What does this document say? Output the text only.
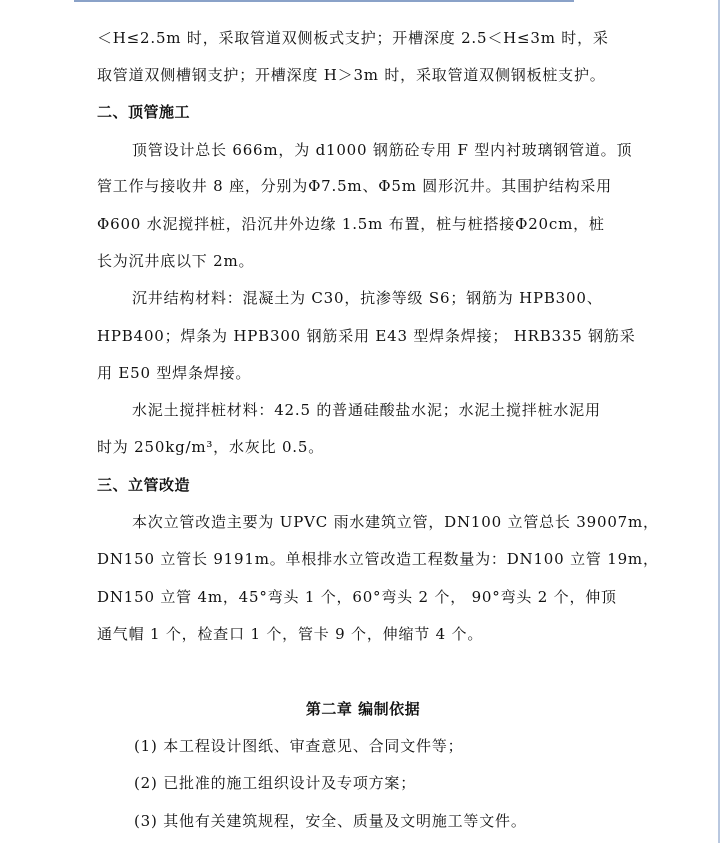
＜H≤2.5m 时，采取管道双侧板式支护；开槽深度 2.5＜H≤3m 时，采
取管道双侧槽钢支护；开槽深度 H＞3m 时，采取管道双侧钢板桩支护。
二、顶管施工
顶管设计总长 666m，为 d1000 钢筋砼专用 F 型内衬玻璃钢管道。顶
管工作与接收井 8 座，分别为Φ7.5m、Φ5m 圆形沉井。其围护结构采用
Φ600 水泥搅拌桩，沿沉井外边缘 1.5m 布置，桩与桩搭接Φ20cm，桩
长为沉井底以下 2m。
沉井结构材料：混凝土为 C30，抗渗等级 S6；钢筋为 HPB300、
HPB400；焊条为 HPB300 钢筋采用 E43 型焊条焊接； HRB335 钢筋采
用 E50 型焊条焊接。
水泥土搅拌桩材料：42.5 的普通硅酸盐水泥；水泥土搅拌桩水泥用
时为 250kg/m³，水灰比 0.5。
三、立管改造
本次立管改造主要为 UPVC 雨水建筑立管，DN100 立管总长 39007m，
DN150 立管长 9191m。单根排水立管改造工程数量为：DN100 立管 19m，
DN150 立管 4m，45°弯头 1 个，60°弯头 2 个， 90°弯头 2 个，伸顶
通气帽 1 个，检查口 1 个，管卡 9 个，伸缩节 4 个。
第二章 编制依据
(1) 本工程设计图纸、审查意见、合同文件等；
(2) 已批准的施工组织设计及专项方案；
(3) 其他有关建筑规程，安全、质量及文明施工等文件。
